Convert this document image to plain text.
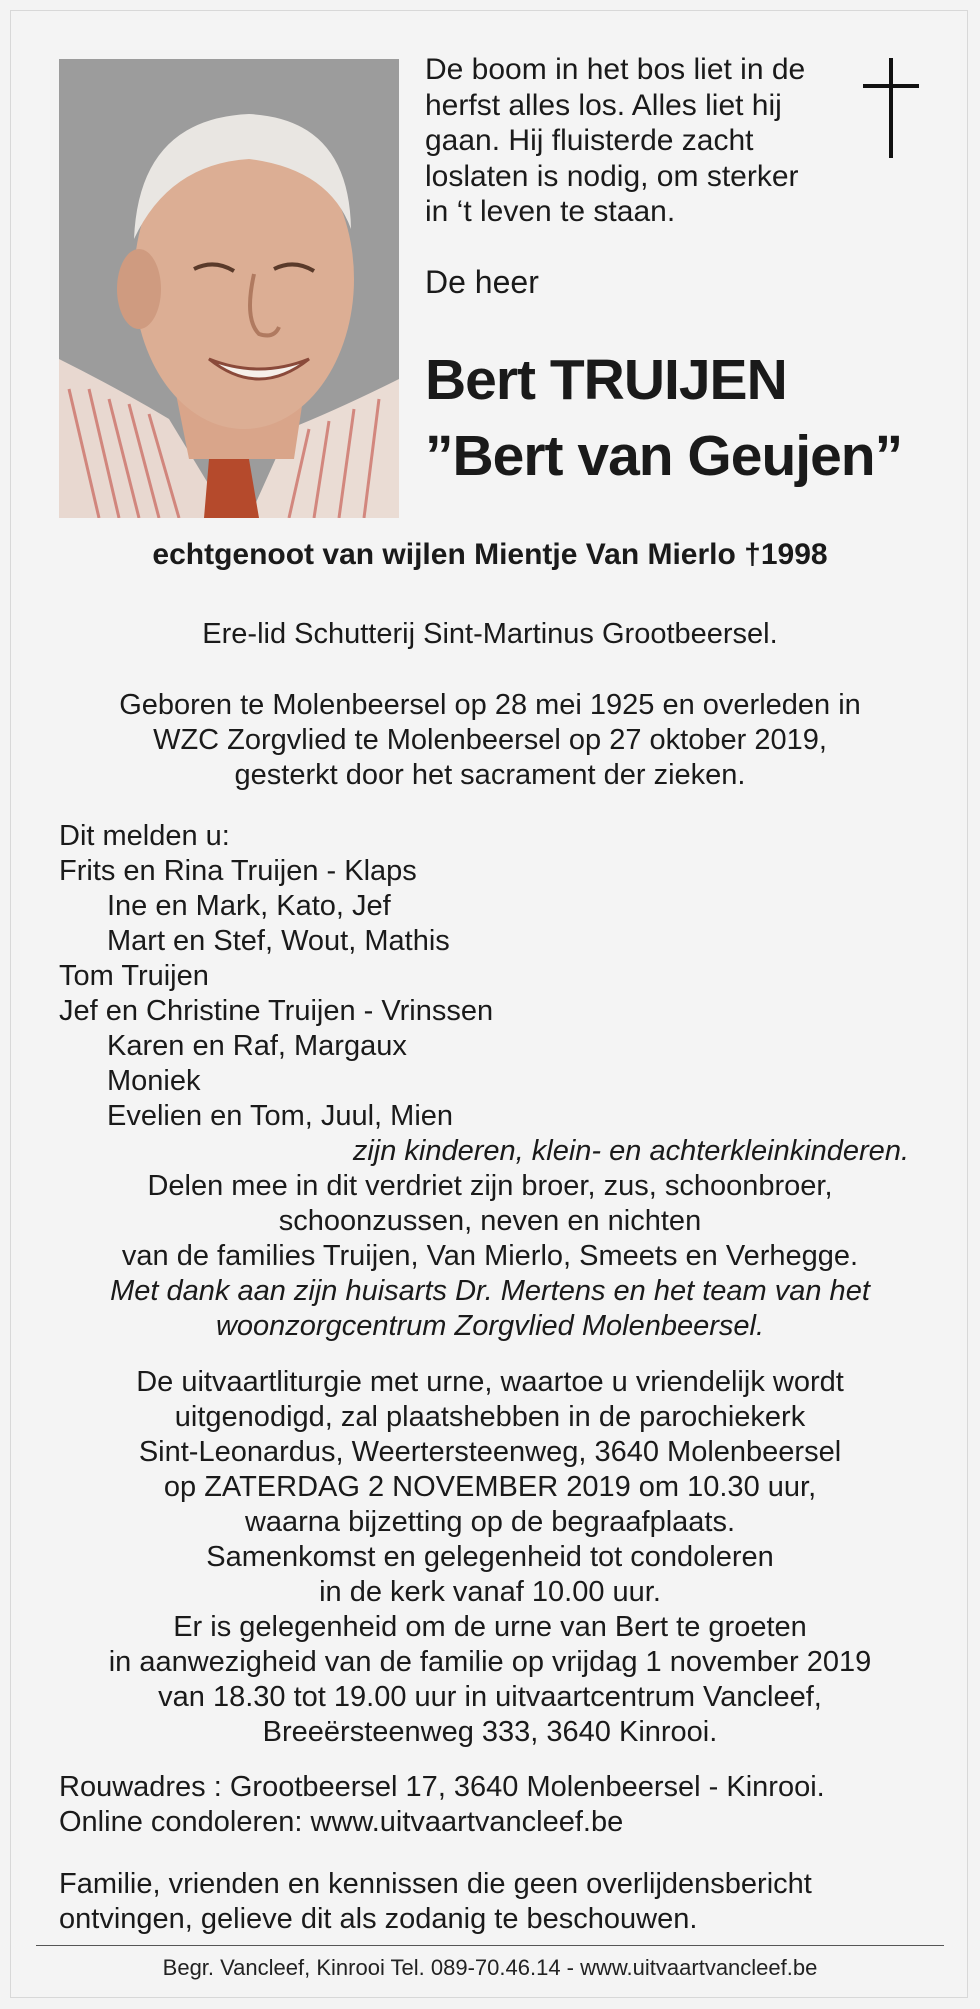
De boom in het bos liet in de
herfst alles los. Alles liet hij
gaan. Hij fluisterde zacht
loslaten is nodig, om sterker
in ‘t leven te staan.
De heer
Bert TRUIJEN
”Bert van Geujen”
echtgenoot van wijlen Mientje Van Mierlo †1998
Ere-lid Schutterij Sint-Martinus Grootbeersel.
Geboren te Molenbeersel op 28 mei 1925 en overleden in
WZC Zorgvlied te Molenbeersel op 27 oktober 2019,
gesterkt door het sacrament der zieken.
Dit melden u:
Frits en Rina Truijen - Klaps
Ine en Mark, Kato, Jef
Mart en Stef, Wout, Mathis
Tom Truijen
Jef en Christine Truijen - Vrinssen
Karen en Raf, Margaux
Moniek
Evelien en Tom, Juul, Mien
zijn kinderen, klein- en achterkleinkinderen.
Delen mee in dit verdriet zijn broer, zus, schoonbroer,
schoonzussen, neven en nichten
van de families Truijen, Van Mierlo, Smeets en Verhegge.
Met dank aan zijn huisarts Dr. Mertens en het team van het
woonzorgcentrum Zorgvlied Molenbeersel.
De uitvaartliturgie met urne, waartoe u vriendelijk wordt
uitgenodigd, zal plaatshebben in de parochiekerk
Sint-Leonardus, Weertersteenweg, 3640 Molenbeersel
op ZATERDAG 2 NOVEMBER 2019 om 10.30 uur,
waarna bijzetting op de begraafplaats.
Samenkomst en gelegenheid tot condoleren
in de kerk vanaf 10.00 uur.
Er is gelegenheid om de urne van Bert te groeten
in aanwezigheid van de familie op vrijdag 1 november 2019
van 18.30 tot 19.00 uur in uitvaartcentrum Vancleef,
Breeërsteenweg 333, 3640 Kinrooi.
Rouwadres : Grootbeersel 17, 3640 Molenbeersel - Kinrooi.
Online condoleren: www.uitvaartvancleef.be
Familie, vrienden en kennissen die geen overlijdensbericht
ontvingen, gelieve dit als zodanig te beschouwen.
Begr. Vancleef, Kinrooi Tel. 089-70.46.14 - www.uitvaartvancleef.be
